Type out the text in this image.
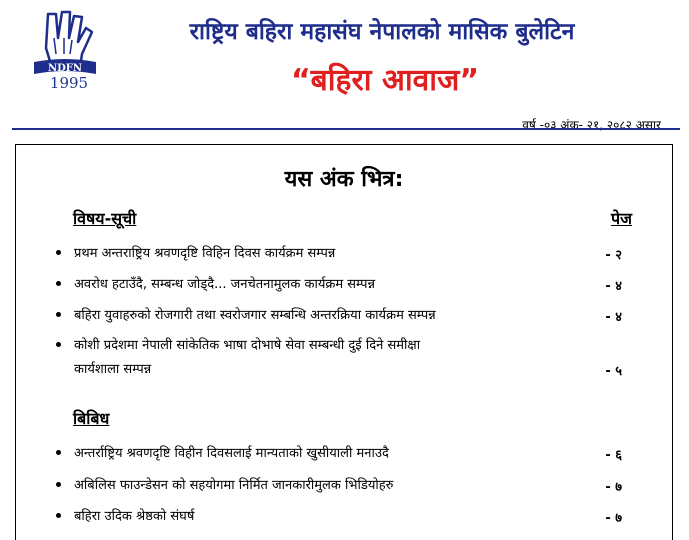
NDFN
1995
राष्ट्रिय बहिरा महासंघ नेपालको मासिक बुलेटिन
“बहिरा आवाज”
वर्ष -०३ अंक- २१, २०८२ असार
यस अंक भित्र:
विषय-सूची	पेज
प्रथम अन्तराष्ट्रिय श्रवणदृष्टि विहिन दिवस कार्यक्रम सम्पन्न	- २
अवरोध हटाउँदै, सम्बन्ध जोड्दै... जनचेतनामुलक कार्यक्रम सम्पन्न	- ४
बहिरा युवाहरुको रोजगारी तथा स्वरोजगार सम्बन्धि अन्तरक्रिया कार्यक्रम सम्पन्न	- ४
कोशी प्रदेशमा नेपाली सांकेतिक भाषा दोभाषे सेवा सम्बन्धी दुई दिने समीक्षा
कार्यशाला सम्पन्न	- ५
बिबिध
अन्तर्राष्ट्रिय श्रवणदृष्टि विहीन दिवसलाई मान्यताको खुसीयाली मनाउदै	- ६
अबिलिस फाउन्डेसन को सहयोगमा निर्मित जानकारीमुलक भिडियोहरु	- ७
बहिरा उदिक श्रेष्ठको संघर्ष	- ७
